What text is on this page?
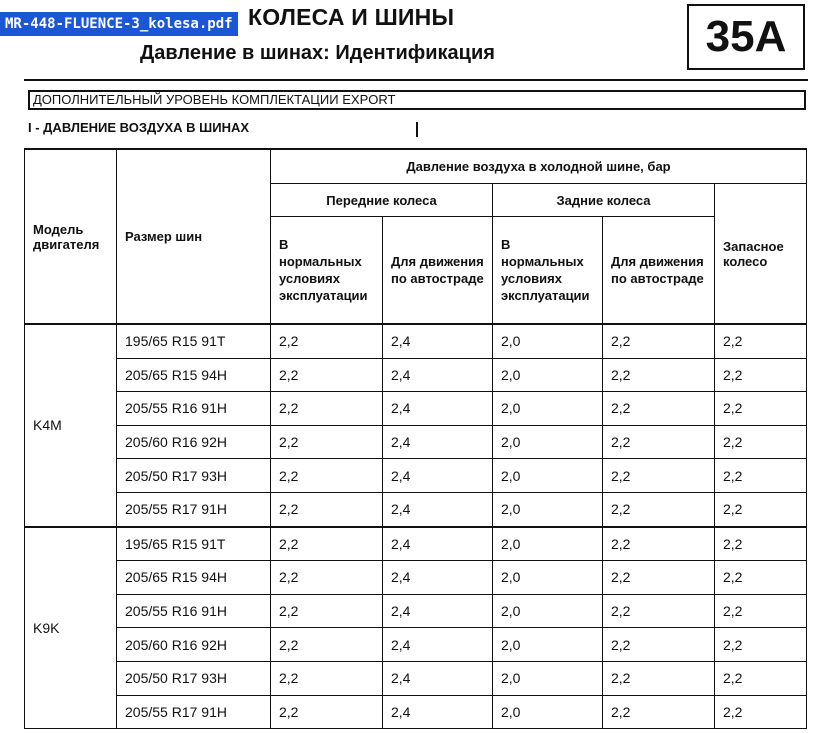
MR-448-FLUENCE-3_kolesa.pdf КОЛЕСА И ШИНЫ
Давление в шинах: Идентификация	35A
ДОПОЛНИТЕЛЬНЫЙ УРОВЕНЬ КОМПЛЕКТАЦИИ EXPORT
I - ДАВЛЕНИЕ ВОЗДУХА В ШИНАХ
Модель двигателя	Размер шин	Давление воздуха в холодной шине, бар				
		Передние колеса		Задние колеса		Запасное колесо
		В нормальных условиях эксплуатации	Для движения по автостраде	В нормальных условиях эксплуатации	Для движения по автостраде	
K4M	195/65 R15 91T	2,2	2,4	2,0	2,2	2,2
	205/65 R15 94H	2,2	2,4	2,0	2,2	2,2
	205/55 R16 91H	2,2	2,4	2,0	2,2	2,2
	205/60 R16 92H	2,2	2,4	2,0	2,2	2,2
	205/50 R17 93H	2,2	2,4	2,0	2,2	2,2
	205/55 R17 91H	2,2	2,4	2,0	2,2	2,2
K9K	195/65 R15 91T	2,2	2,4	2,0	2,2	2,2
	205/65 R15 94H	2,2	2,4	2,0	2,2	2,2
	205/55 R16 91H	2,2	2,4	2,0	2,2	2,2
	205/60 R16 92H	2,2	2,4	2,0	2,2	2,2
	205/50 R17 93H	2,2	2,4	2,0	2,2	2,2
	205/55 R17 91H	2,2	2,4	2,0	2,2	2,2
